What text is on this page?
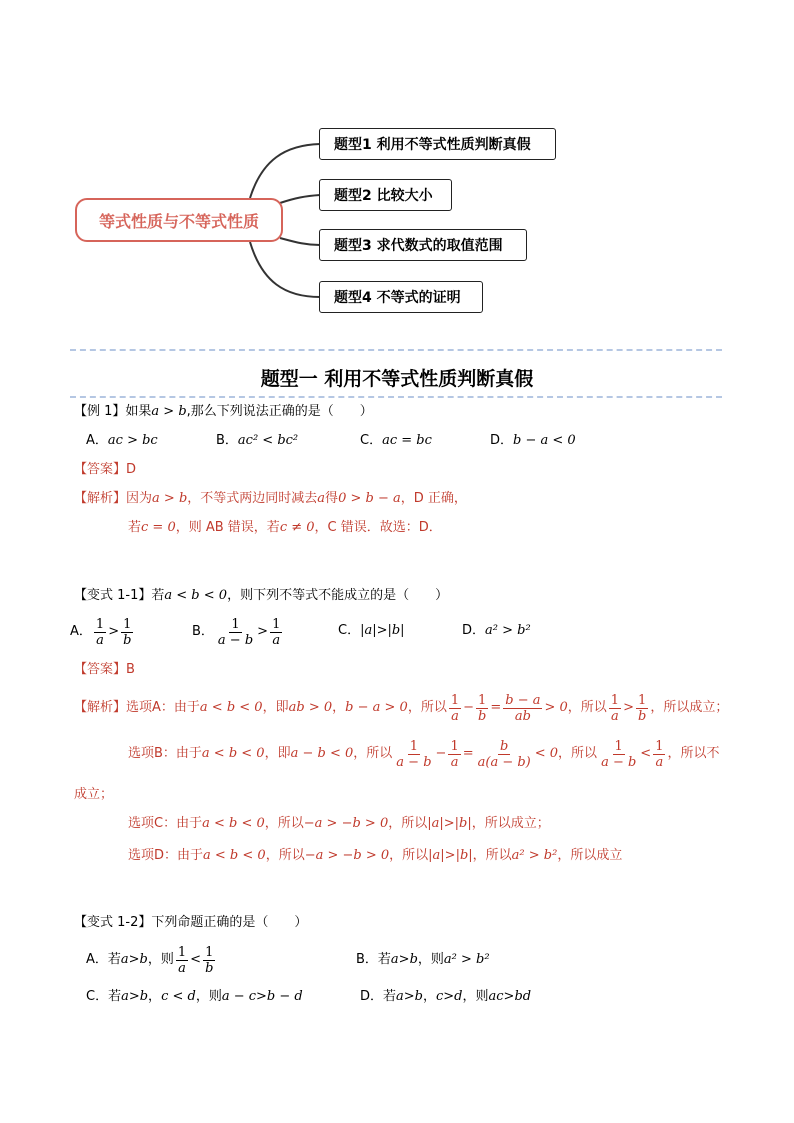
等式性质与不等式性质
题型1 利用不等式性质判断真假
题型2 比较大小
题型3 求代数式的取值范围
题型4 不等式的证明
题型一 利用不等式性质判断真假
【例 1】如果a > b,那么下列说法正确的是（　　）
A．ac > bc	B．ac² < bc²	C．ac = bc	D．b − a < 0
【答案】D
【解析】因为a > b，不等式两边同时减去a得0 > b − a，D 正确，
若c = 0，则 AB 错误，若c ≠ 0，C 错误．故选：D．
【变式 1-1】若a < b < 0，则下列不等式不能成立的是（　　）
A． $\frac{1}{a} > \frac{1}{b}$	B． $\frac{1}{a - b} > \frac{1}{a}$	C．|a|>|b|	D．a² > b²
【答案】B
【解析】 选项A：由于 a < b < 0 ，即 ab > 0 ， b − a > 0 ，所以 $\frac{1}{a} - \frac{1}{b} = \frac{b - a}{ab} > 0$ ，所以 $\frac{1}{a} > \frac{1}{b}$ ，所以成立；
选项B：由于 a < b < 0 ，即 a − b < 0 ，所以 $\frac{1}{a - b} - \frac{1}{a} = \frac{b}{a(a - b)} < 0$ ，所以 $\frac{1}{a - b} < \frac{1}{a}$ ，所以不
成立；
选项C：由于a < b < 0，所以−a > −b > 0，所以|a|>|b|，所以成立；
选项D：由于a < b < 0，所以−a > −b > 0，所以|a|>|b|，所以a² > b²，所以成立
【变式 1-2】下列命题正确的是（　　）
A．若 a>b ，则 $\frac{1}{a} < \frac{1}{b}$	B．若a>b，则a² > b²
C．若a>b，c < d，则a − c>b − d	D．若a>b，c>d，则ac>bd
